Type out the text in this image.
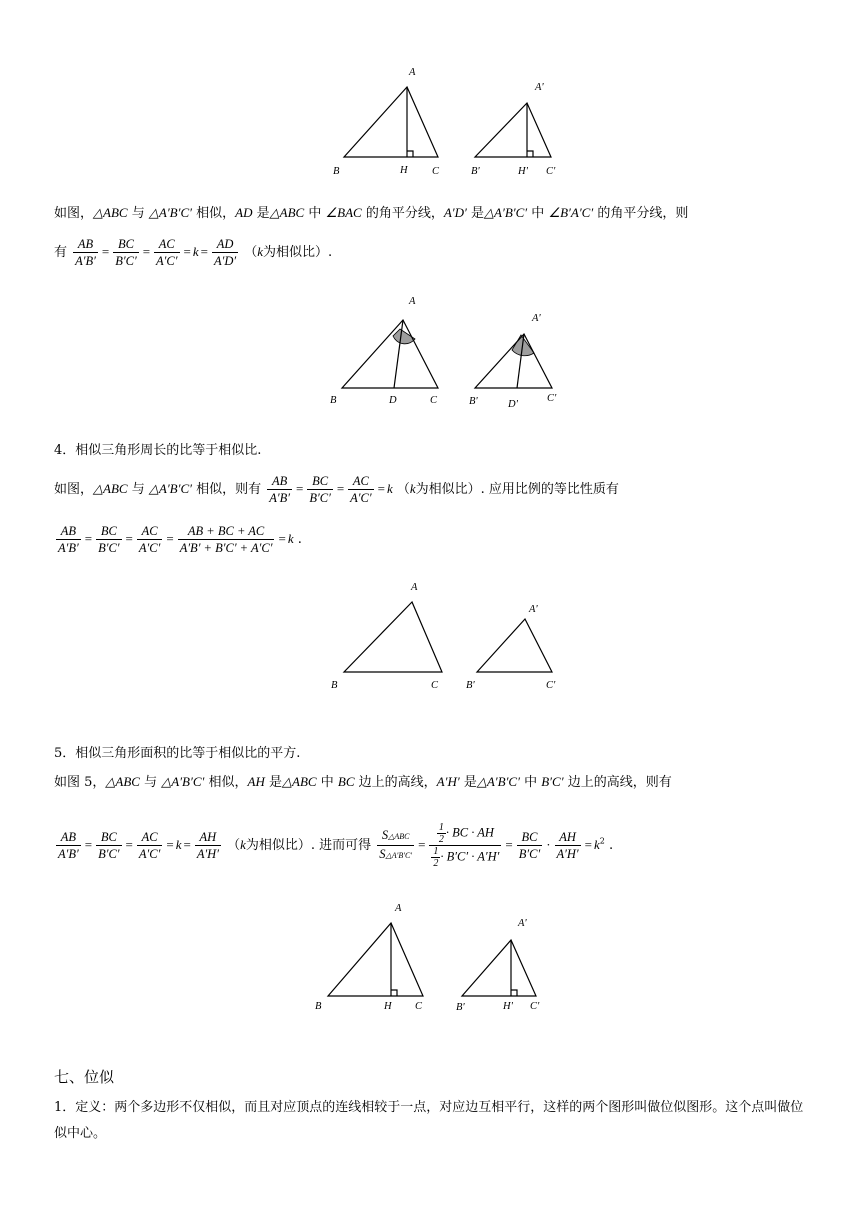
A
B	H C
A'
B'	H' C'
如图，△ABC 与 △A′B′C′ 相似，AD 是△ABC 中 ∠BAC 的角平分线，A′D′ 是△A′B′C′ 中 ∠B′A′C′ 的角平分线，则
有 $\frac{AB}{A'B'} = \frac{BC}{B'C'} = \frac{AC}{A'C'} = k = \frac{AD}{A'D'} (k$为相似比）.
A
B	D	C
A'
B'	D'
C'
4．相似三角形周长的比等于相似比.
如图，△ABC 与 △A′B′C′ 相似，则有 $\frac{AB}{A'B'} = \frac{BC}{B'C'} = \frac{AC}{A'C'} = k$ （k为相似比）. 应用比例的等比性质有
$\frac{AB}{A'B'} = \frac{BC}{B'C'} = \frac{AC}{A'C'} = \frac{AB + BC + AC}{A'B' + B'C' + A'C'} = k$ .
A
B	C
A'
B'	C'
5．相似三角形面积的比等于相似比的平方.
如图 5，△ABC 与 △A′B′C′ 相似，AH 是△ABC 中 BC 边上的高线，A′H′ 是△A′B′C′ 中 B′C′ 边上的高线，则有
$\frac{AB}{A'B'} = \frac{BC}{B'C'} = \frac{AC}{A'C'} = k = \frac{AH}{A'H'} (k$为相似比）. 进而可得 $\frac{\text{S△ABC}}{S\triangle A'B'C'} = \frac{\frac{1}{2} \cdot BC \cdot AH}{\frac{1}{2} \cdot B'C' \cdot A'H'} = \frac{BC}{B'C'} \cdot \frac{AH}{A'H'} = k^2$ .
A
B	H C
A'
B'	H' C'
七、位似
1．定义：两个多边形不仅相似，而且对应顶点的连线相较于一点，对应边互相平行，这样的两个图形叫做位似图形。这个点叫做位似中心。
